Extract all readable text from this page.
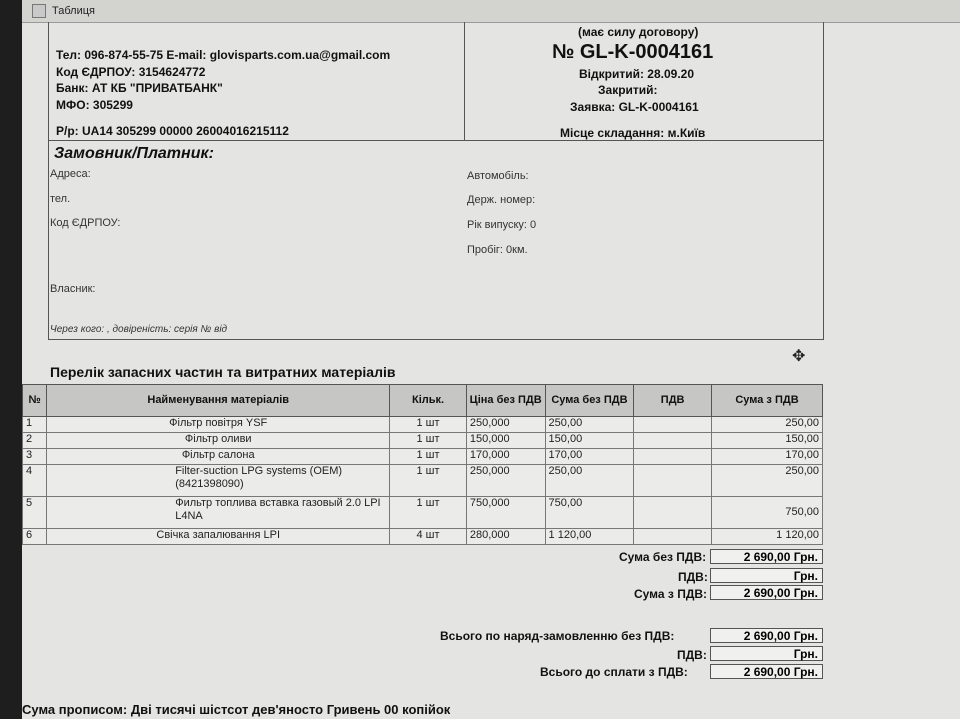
Таблиця
Тел: 096-874-55-75 E-mail: glovisparts.com.ua@gmail.com
Код ЄДРПОУ: 3154624772
Банк: АТ КБ "ПРИВАТБАНК"
МФО: 305299
Р/р: UA14 305299 00000 26004016215112
(має силу договору)
№ GL-K-0004161
Відкритий: 28.09.20
Закритий:
Заявка: GL-K-0004161
Місце складання: м.Київ
Замовник/Платник:
Адреса:
тел.
Код ЄДРПОУ:
Власник:
Через кого: , довіреність: серія № від
Автомобіль:
Держ. номер:
Рік випуску: 0
Пробіг: 0км.
✥
Перелік запасних частин та витратних матеріалів
№	Найменування матеріалів	Кільк.	Ціна без ПДВ	Сума без ПДВ	ПДВ	Сума з ПДВ
1	Фільтр повітря YSF	1 шт	250,000	250,00		250,00
2	Фільтр оливи	1 шт	150,000	150,00		150,00
3	Фільтр салона	1 шт	170,000	170,00		170,00
4	Filter-suction LPG systems (OEM)(8421398090)	1 шт	250,000	250,00		250,00
5	Фильтр топлива вставка газовый 2.0 LPI L4NA	1 шт	750,000	750,00		750,00
6	Свічка запалювання LPI	4 шт	280,000	1 120,00		1 120,00
Сума без ПДВ:	2 690,00 Грн.
ПДВ:	Грн.
Сума з ПДВ:	2 690,00 Грн.
Всього по наряд-замовленню без ПДВ:	2 690,00 Грн.
ПДВ:	Грн.
Всього до сплати з ПДВ:	2 690,00 Грн.
Сума прописом: Дві тисячі шістсот дев'яносто Гривень 00 копійок
